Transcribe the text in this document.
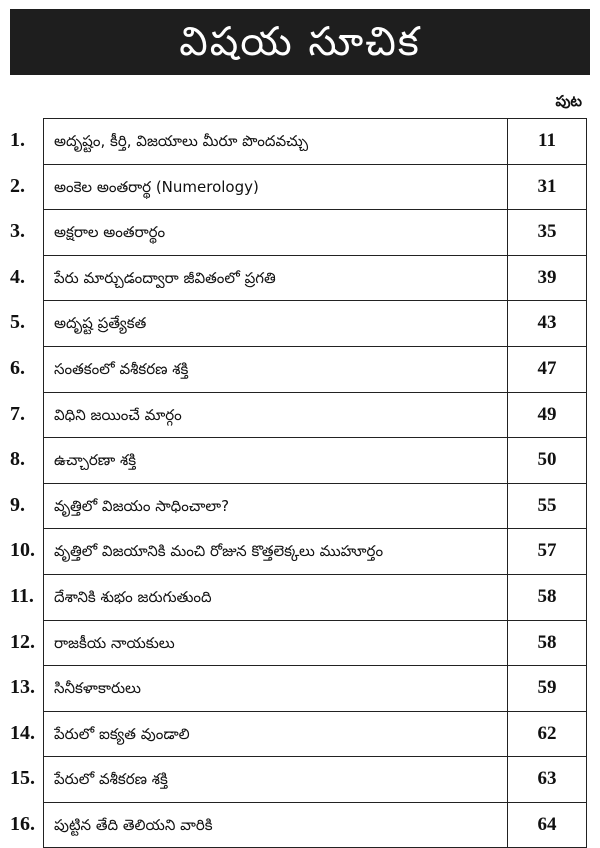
విషయ సూచిక
పుట
1. అదృష్టం, కీర్తి, విజయాలు మీరూ పొందవచ్చు	11
2. అంకెల అంతరార్థ (Numerology)	31
3. అక్షరాల అంతరార్థం	35
4. పేరు మార్చుడంద్వారా జీవితంలో ప్రగతి	39
5. అదృష్ట ప్రత్యేకత	43
6. సంతకంలో వశీకరణ శక్తి	47
7. విధిని జయించే మార్గం	49
8. ఉచ్చారణా శక్తి	50
9. వృత్తిలో విజయం సాధించాలా?	55
10. వృత్తిలో విజయానికి మంచి రోజున కొత్తలెక్కలు ముహూర్తం	57
11. దేశానికి శుభం జరుగుతుంది	58
12. రాజకీయ నాయకులు	58
13. సినీకళాకారులు	59
14. పేరులో ఐక్యత వుండాలి	62
15. పేరులో వశీకరణ శక్తి	63
16. పుట్టిన తేది తెలియని వారికి	64
